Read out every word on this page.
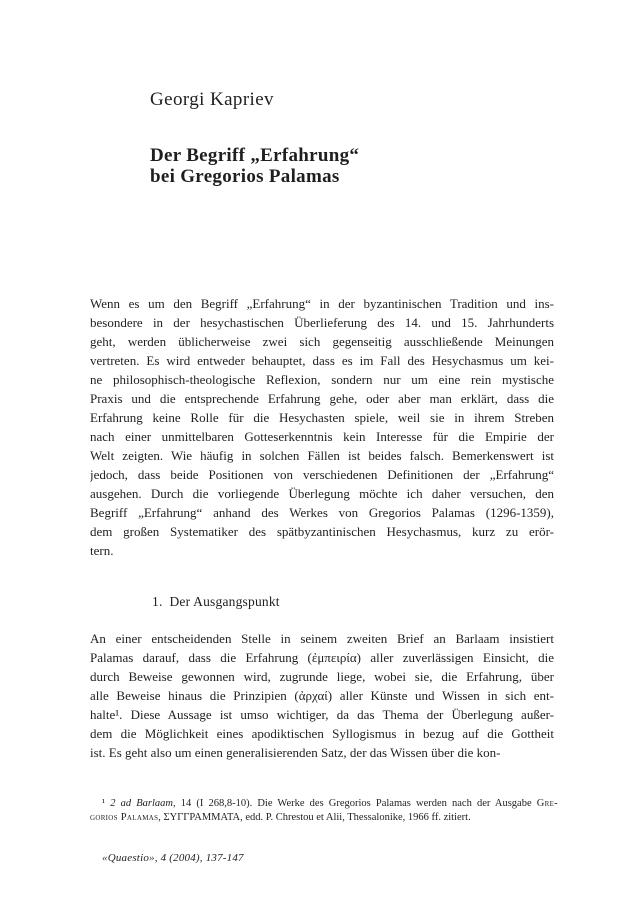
Georgi Kapriev
Der Begriff „Erfahrung“
bei Gregorios Palamas
Wenn es um den Begriff „Erfahrung“ in der byzantinischen Tradition und ins-
besondere in der hesychastischen Überlieferung des 14. und 15. Jahrhunderts
geht, werden üblicherweise zwei sich gegenseitig ausschließende Meinungen
vertreten. Es wird entweder behauptet, dass es im Fall des Hesychasmus um kei-
ne philosophisch-theologische Reflexion, sondern nur um eine rein mystische
Praxis und die entsprechende Erfahrung gehe, oder aber man erklärt, dass die
Erfahrung keine Rolle für die Hesychasten spiele, weil sie in ihrem Streben
nach einer unmittelbaren Gotteserkenntnis kein Interesse für die Empirie der
Welt zeigten. Wie häufig in solchen Fällen ist beides falsch. Bemerkenswert ist
jedoch, dass beide Positionen von verschiedenen Definitionen der „Erfahrung“
ausgehen. Durch die vorliegende Überlegung möchte ich daher versuchen, den
Begriff „Erfahrung“ anhand des Werkes von Gregorios Palamas (1296-1359),
dem großen Systematiker des spätbyzantinischen Hesychasmus, kurz zu erör-
tern.
1. Der Ausgangspunkt
An einer entscheidenden Stelle in seinem zweiten Brief an Barlaam insistiert
Palamas darauf, dass die Erfahrung (ἐμπειρία) aller zuverlässigen Einsicht, die
durch Beweise gewonnen wird, zugrunde liege, wobei sie, die Erfahrung, über
alle Beweise hinaus die Prinzipien (ἀρχαί) aller Künste und Wissen in sich ent-
halte¹. Diese Aussage ist umso wichtiger, da das Thema der Überlegung außer-
dem die Möglichkeit eines apodiktischen Syllogismus in bezug auf die Gottheit
ist. Es geht also um einen generalisierenden Satz, der das Wissen über die kon-
¹ 2 ad Barlaam, 14 (I 268,8-10). Die Werke des Gregorios Palamas werden nach der Ausgabe Gre-
gorios Palamas, ΣΥΓΓΡΑΜΜΑΤΑ, edd. P. Chrestou et Alii, Thessalonike, 1966 ff. zitiert.
«Quaestio», 4 (2004), 137-147
